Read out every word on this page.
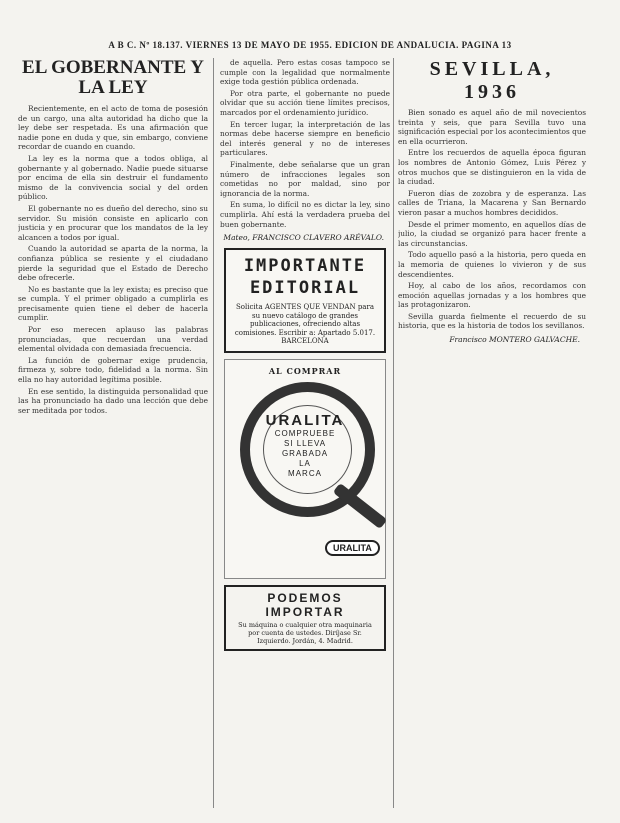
A B C. Nº 18.137. VIERNES 13 DE MAYO DE 1955. EDICION DE ANDALUCIA. PAGINA 13
EL GOBERNANTE Y LA LEY

Recientemente, en el acto de toma de posesión de un cargo, una alta autoridad ha dicho que la ley debe ser respetada. Es una afirmación que nadie pone en duda y que, sin embargo, conviene recordar de cuando en cuando.

La ley es la norma que a todos obliga, al gobernante y al gobernado. Nadie puede situarse por encima de ella sin destruir el fundamento mismo de la convivencia social y del orden público.

El gobernante no es dueño del derecho, sino su servidor. Su misión consiste en aplicarlo con justicia y en procurar que los mandatos de la ley alcancen a todos por igual.

Cuando la autoridad se aparta de la norma, la confianza pública se resiente y el ciudadano pierde la seguridad que el Estado de Derecho debe ofrecerle.

No es bastante que la ley exista; es preciso que se cumpla. Y el primer obligado a cumplirla es precisamente quien tiene el deber de hacerla cumplir.

Por eso merecen aplauso las palabras pronunciadas, que recuerdan una verdad elemental olvidada con demasiada frecuencia.

La función de gobernar exige prudencia, firmeza y, sobre todo, fidelidad a la norma. Sin ella no hay autoridad legítima posible.

En ese sentido, la distinguida personalidad que las ha pronunciado ha dado una lección que debe ser meditada por todos.

de aquella. Pero estas cosas tampoco se cumple con la legalidad que normalmente exige toda gestión pública ordenada.

Por otra parte, el gobernante no puede olvidar que su acción tiene límites precisos, marcados por el ordenamiento jurídico.

En tercer lugar, la interpretación de las normas debe hacerse siempre en beneficio del interés general y no de intereses particulares.

Finalmente, debe señalarse que un gran número de infracciones legales son cometidas no por maldad, sino por ignorancia de la norma.

En suma, lo difícil no es dictar la ley, sino cumplirla. Ahí está la verdadera prueba del buen gobernante.

Mateo, FRANCISCO CLAVERO ARÉVALO.
IMPORTANTE EDITORIAL
Solicita AGENTES QUE VENDAN para su nuevo catálogo de grandes publicaciones, ofreciendo altas comisiones. Escribir a: Apartado 5.017. BARCELONA
AL COMPRAR
URALITA
COMPRUEBE
SI LLEVA
GRABADA
LA
MARCA
URALITA
PODEMOS IMPORTAR
Su máquina o cualquier otra maquinaria por cuenta de ustedes. Diríjase Sr. Izquierdo. Jordán, 4. Madrid.
SEVILLA, 1936

Bien sonado es aquel año de mil novecientos treinta y seis, que para Sevilla tuvo una significación especial por los acontecimientos que en ella ocurrieron.

Entre los recuerdos de aquella época figuran los nombres de Antonio Gómez, Luis Pérez y otros muchos que se distinguieron en la vida de la ciudad.

Fueron días de zozobra y de esperanza. Las calles de Triana, la Macarena y San Bernardo vieron pasar a muchos hombres decididos.

Desde el primer momento, en aquellos días de julio, la ciudad se organizó para hacer frente a las circunstancias.

Todo aquello pasó a la historia, pero queda en la memoria de quienes lo vivieron y de sus descendientes.

Hoy, al cabo de los años, recordamos con emoción aquellas jornadas y a los hombres que las protagonizaron.

Sevilla guarda fielmente el recuerdo de su historia, que es la historia de todos los sevillanos.

Francisco MONTERO GALVACHE.
